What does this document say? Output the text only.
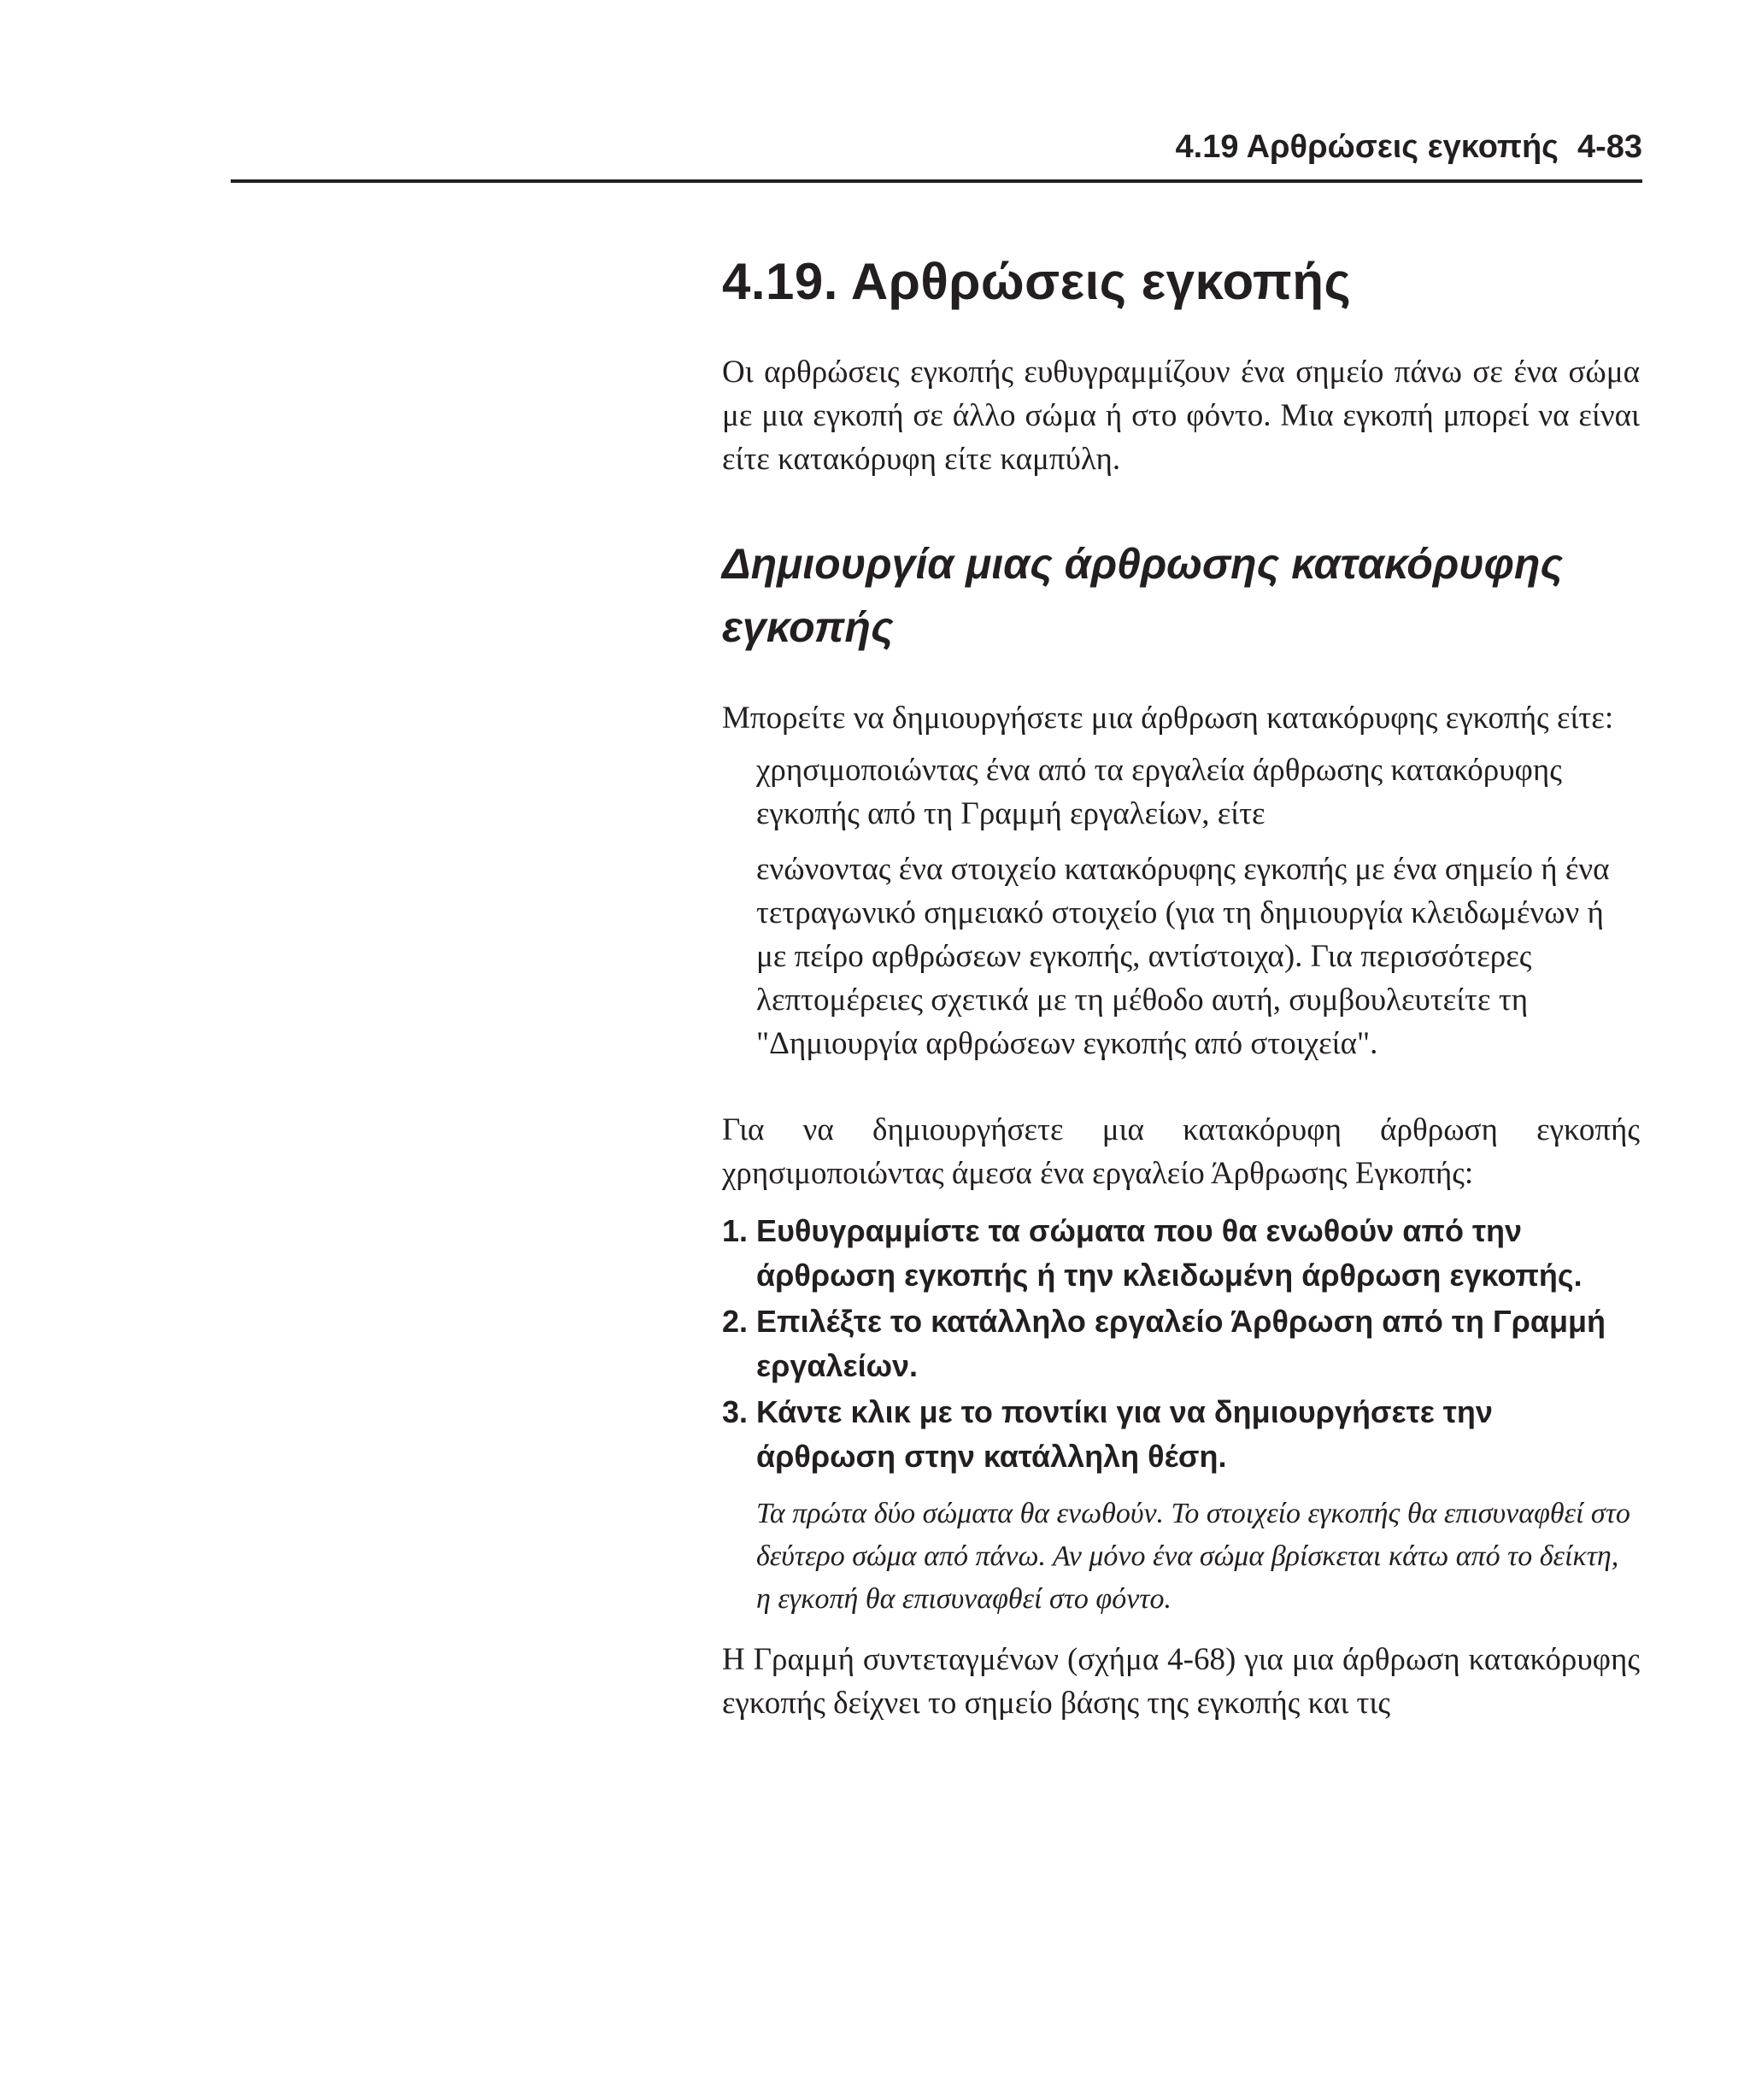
4.19 Αρθρώσεις εγκοπής 4-83
4.19. Αρθρώσεις εγκοπής

Οι αρθρώσεις εγκοπής ευθυγραμμίζουν ένα σημείο πάνω σε ένα σώμα με μια εγκοπή σε άλλο σώμα ή στο φόντο. Μια εγκοπή μπορεί να είναι είτε κατακόρυφη είτε καμπύλη.

Δημιουργία μιας άρθρωσης κατακόρυφης εγκοπής

Μπορείτε να δημιουργήσετε μια άρθρωση κατακόρυφης εγκοπής είτε:

χρησιμοποιώντας ένα από τα εργαλεία άρθρωσης κατακόρυφης εγκοπής από τη Γραμμή εργαλείων, είτε

ενώνοντας ένα στοιχείο κατακόρυφης εγκοπής με ένα σημείο ή ένα τετραγωνικό σημειακό στοιχείο (για τη δημιουργία κλειδωμένων ή με πείρο αρθρώσεων εγκοπής, αντίστοιχα). Για περισσότερες λεπτομέρειες σχετικά με τη μέθοδο αυτή, συμβουλευτείτε τη "Δημιουργία αρθρώσεων εγκοπής από στοιχεία".

Για να δημιουργήσετε μια κατακόρυφη άρθρωση εγκοπής χρησιμοποιώντας άμεσα ένα εργαλείο Άρθρωσης Εγκοπής:

1. Ευθυγραμμίστε τα σώματα που θα ενωθούν από την άρθρωση εγκοπής ή την κλειδωμένη άρθρωση εγκοπής.
2. Επιλέξτε το κατάλληλο εργαλείο Άρθρωση από τη Γραμμή εργαλείων.
3. Κάντε κλικ με το ποντίκι για να δημιουργήσετε την άρθρωση στην κατάλληλη θέση.

Τα πρώτα δύο σώματα θα ενωθούν. Το στοιχείο εγκοπής θα επισυναφθεί στο δεύτερο σώμα από πάνω. Αν μόνο ένα σώμα βρίσκεται κάτω από το δείκτη, η εγκοπή θα επισυναφθεί στο φόντο.

Η Γραμμή συντεταγμένων (σχήμα 4-68) για μια άρθρωση κατακόρυφης εγκοπής δείχνει το σημείο βάσης της εγκοπής και τις
